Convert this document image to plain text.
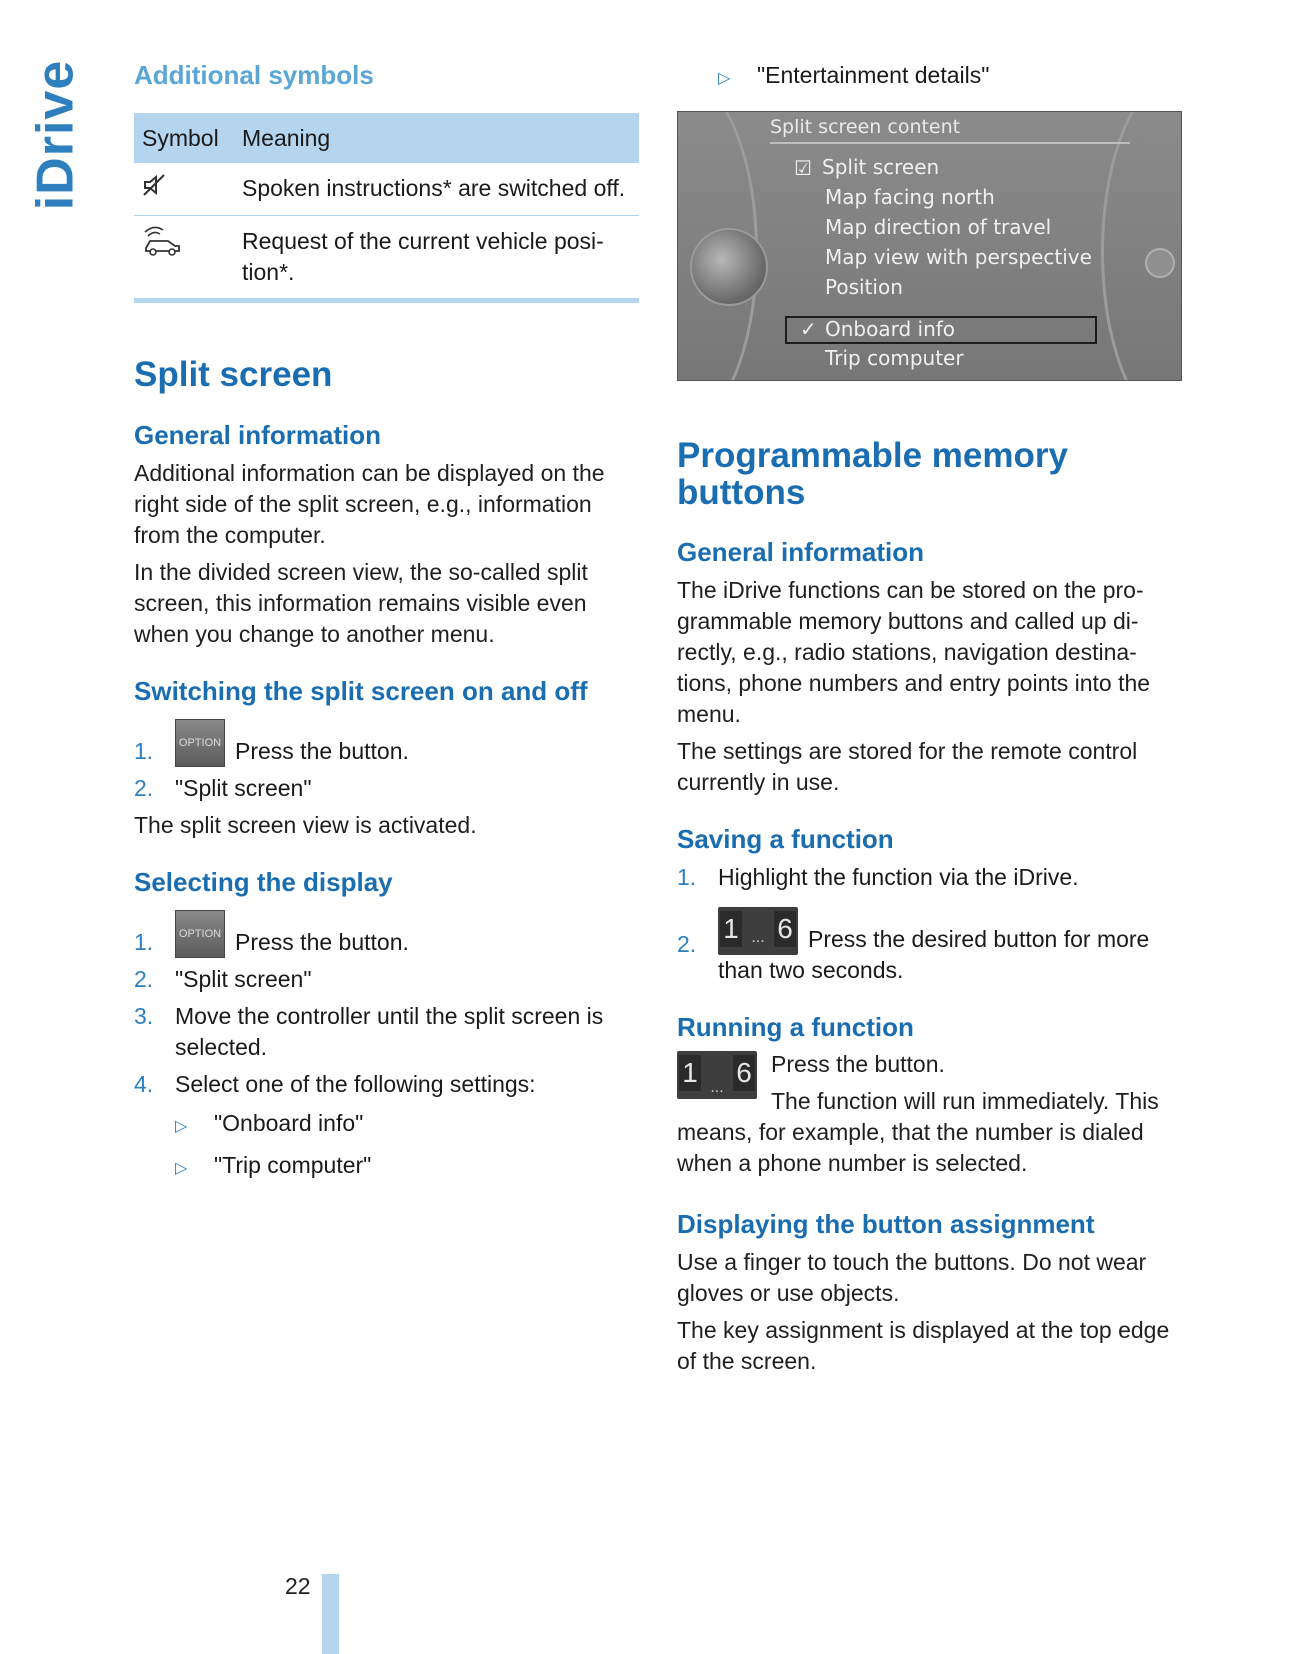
iDrive Additional symbols
Symbol	Meaning
	Spoken instructions* are switched off.
	Request of the current vehicle posi‐tion*.
Split screen
General information

Additional information can be displayed on the right side of the split screen, e.g., information from the computer.

In the divided screen view, the so-called split screen, this information remains visible even when you change to another menu.

Switching the split screen on and off
1.	OPTION Press the button.
2. "Split screen"

The split screen view is activated.

Selecting the display
1.	OPTION Press the button.
2. "Split screen"
3. Move the controller until the split screen is selected.
4. Select one of the following settings:
▷	"Onboard info"
▷	"Trip computer"
▷	"Entertainment details"
Split screen content
☑ Split screen
Map facing north
Map direction of travel
Map view with perspective
Position
✓ Onboard info
Trip computer
Programmable memory buttons
General information

The iDrive functions can be stored on the pro‐grammable memory buttons and called up di‐rectly, e.g., radio stations, navigation destina‐tions, phone numbers and entry points into the menu.

The settings are stored for the remote control currently in use.

Saving a function
1. Highlight the function via the iDrive.
2. 1 ... 6 Press the desired button for more than two seconds.
Running a function
1 ... 6 Press the button.

The function will run immediately. This means, for example, that the number is dialed when a phone number is selected.

Displaying the button assignment

Use a finger to touch the buttons. Do not wear gloves or use objects.

The key assignment is displayed at the top edge of the screen.

22
